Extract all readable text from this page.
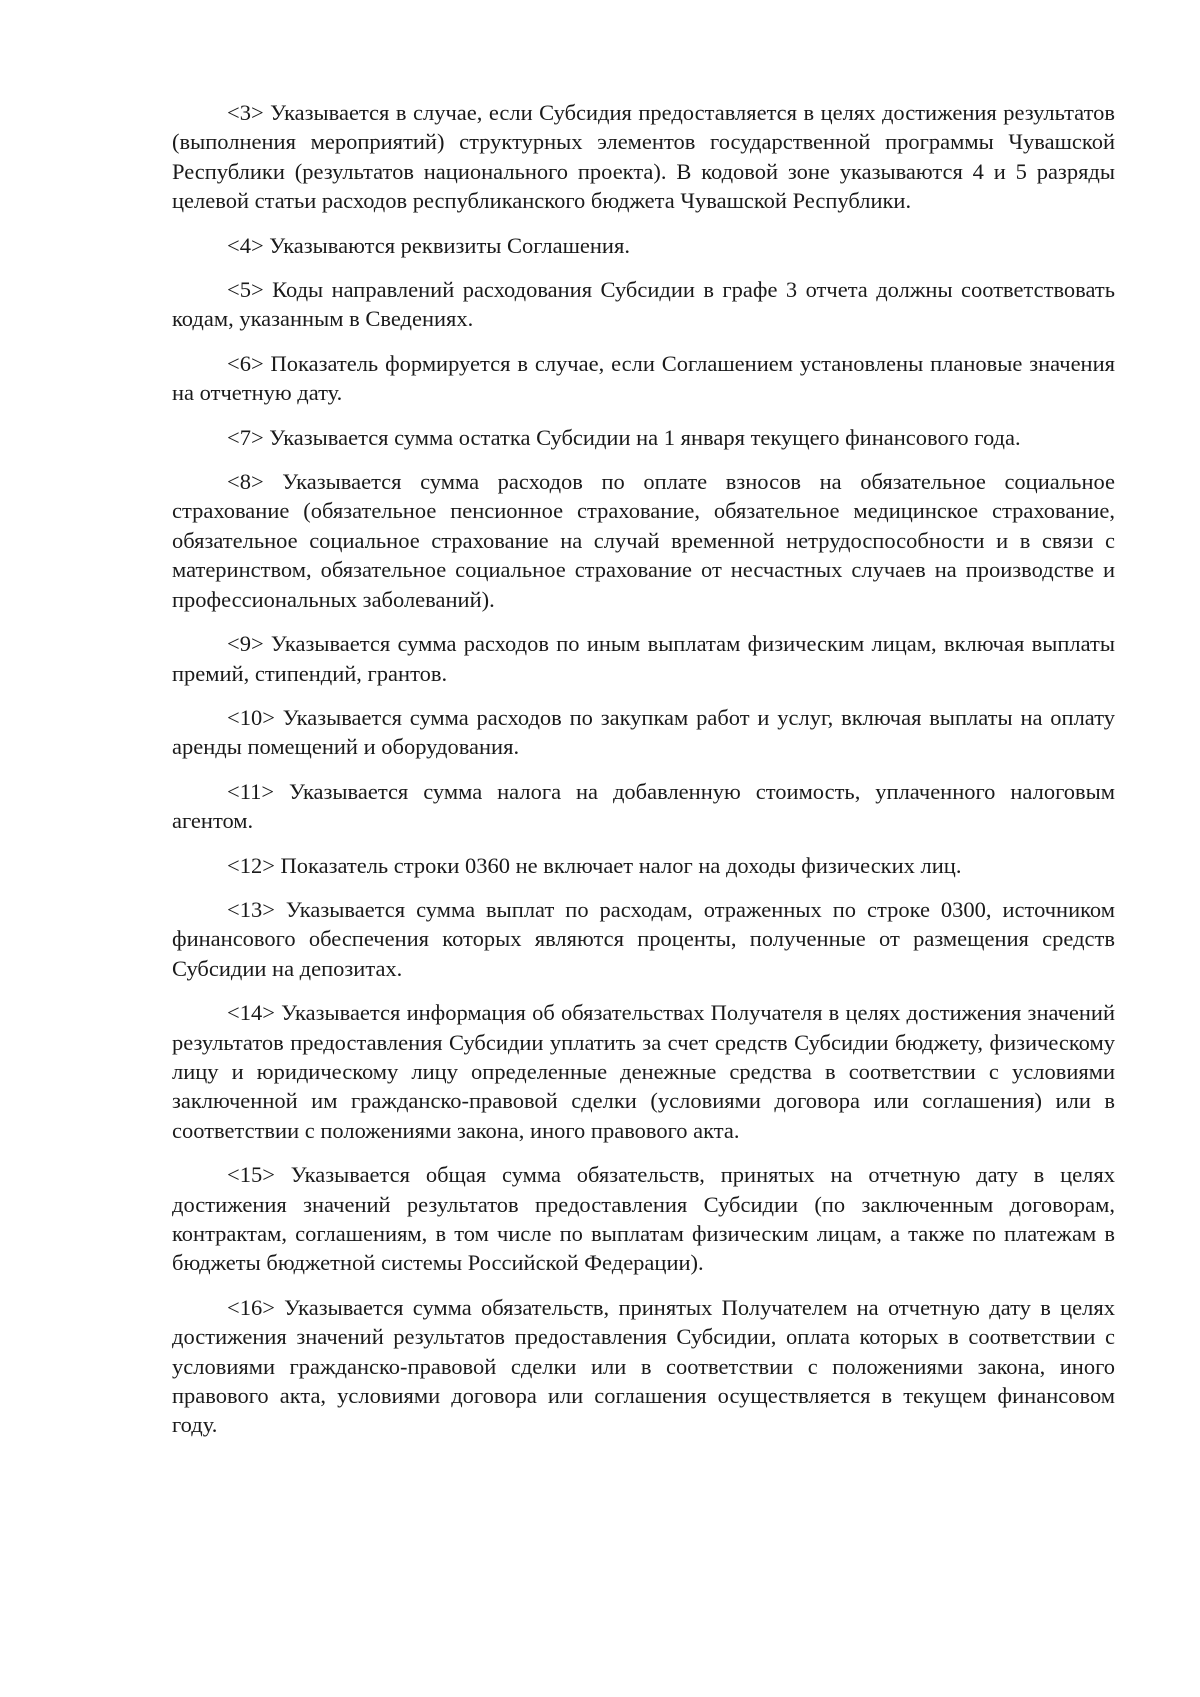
<3> Указывается в случае, если Субсидия предоставляется в целях достижения результатов (выполнения мероприятий) структурных элементов государственной программы Чувашской Республики (результатов национального проекта). В кодовой зоне указываются 4 и 5 разряды целевой статьи расходов республиканского бюджета Чувашской Республики.

<4> Указываются реквизиты Соглашения.

<5> Коды направлений расходования Субсидии в графе 3 отчета должны соответствовать кодам, указанным в Сведениях.

<6> Показатель формируется в случае, если Соглашением установлены плановые значения на отчетную дату.

<7> Указывается сумма остатка Субсидии на 1 января текущего финансового года.

<8> Указывается сумма расходов по оплате взносов на обязательное социальное страхование (обязательное пенсионное страхование, обязательное медицинское страхование, обязательное социальное страхование на случай временной нетрудоспособности и в связи с материнством, обязательное социальное страхование от несчастных случаев на производстве и профессиональных заболеваний).

<9> Указывается сумма расходов по иным выплатам физическим лицам, включая выплаты премий, стипендий, грантов.

<10> Указывается сумма расходов по закупкам работ и услуг, включая выплаты на оплату аренды помещений и оборудования.

<11> Указывается сумма налога на добавленную стоимость, уплаченного налоговым агентом.

<12> Показатель строки 0360 не включает налог на доходы физических лиц.

<13> Указывается сумма выплат по расходам, отраженных по строке 0300, источником финансового обеспечения которых являются проценты, полученные от размещения средств Субсидии на депозитах.

<14> Указывается информация об обязательствах Получателя в целях достижения значений результатов предоставления Субсидии уплатить за счет средств Субсидии бюджету, физическому лицу и юридическому лицу определенные денежные средства в соответствии с условиями заключенной им гражданско-правовой сделки (условиями договора или соглашения) или в соответствии с положениями закона, иного правового акта.

<15> Указывается общая сумма обязательств, принятых на отчетную дату в целях достижения значений результатов предоставления Субсидии (по заключенным договорам, контрактам, соглашениям, в том числе по выплатам физическим лицам, а также по платежам в бюджеты бюджетной системы Российской Федерации).

<16> Указывается сумма обязательств, принятых Получателем на отчетную дату в целях достижения значений результатов предоставления Субсидии, оплата которых в соответствии с условиями гражданско-правовой сделки или в соответствии с положениями закона, иного правового акта, условиями договора или соглашения осуществляется в текущем финансовом году.
